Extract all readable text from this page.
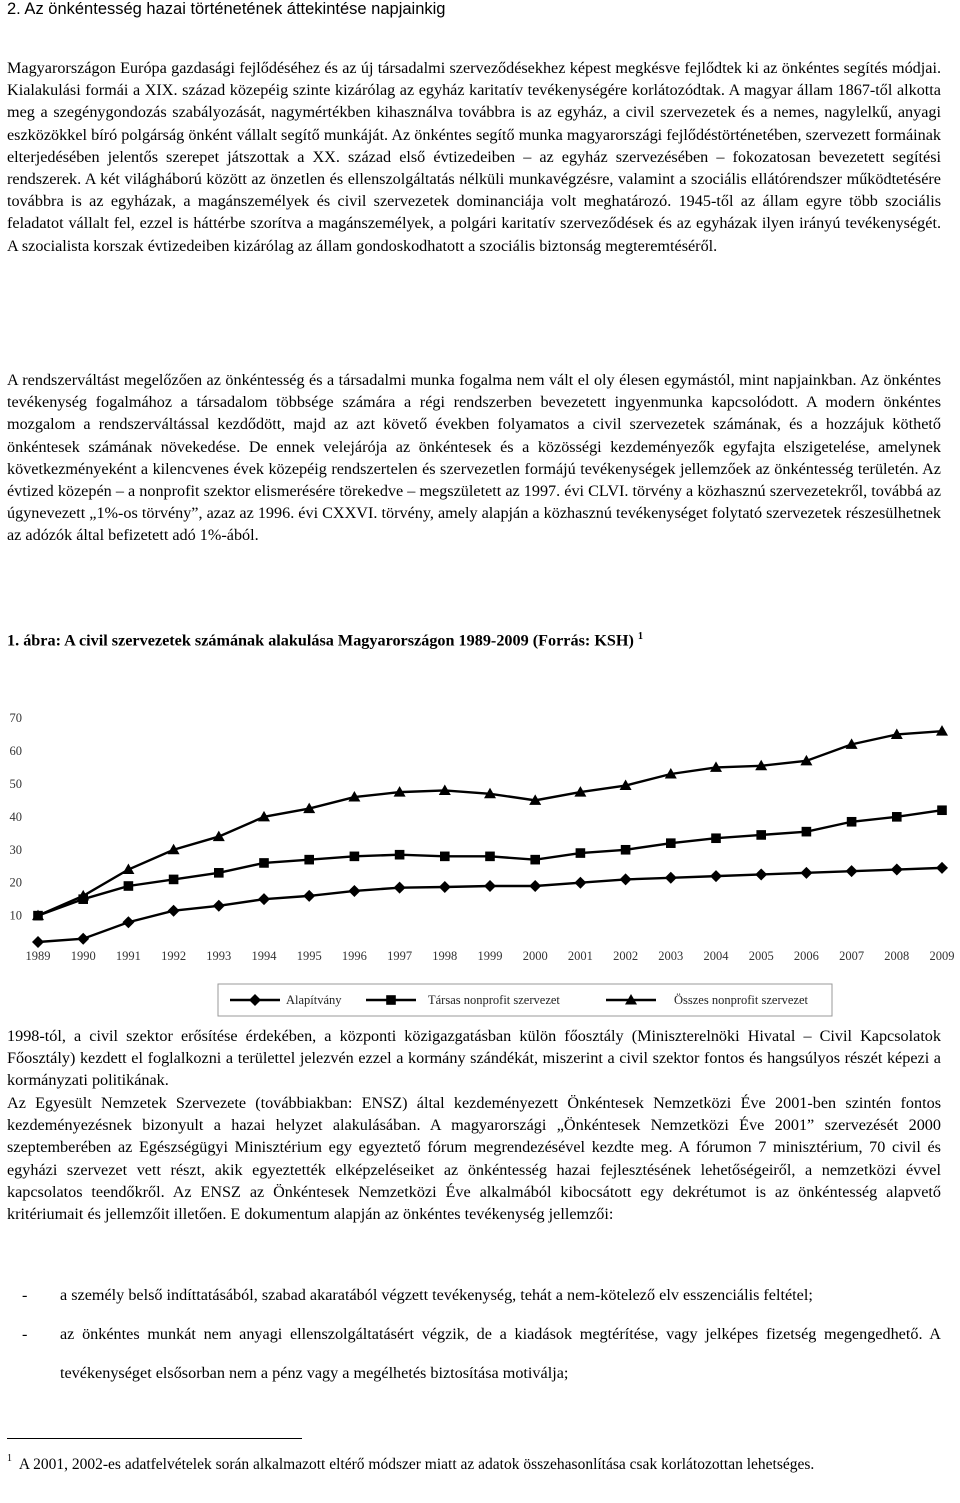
2. Az önkéntesség hazai történetének áttekintése napjainkig

Magyarországon Európa gazdasági fejlődéséhez és az új társadalmi szerveződésekhez képest megkésve fejlődtek ki az önkéntes segítés módjai. Kialakulási formái a XIX. század közepéig szinte kizárólag az egyház karitatív tevékenységére korlátozódtak. A magyar állam 1867-től alkotta meg a szegénygondozás szabályozását, nagymértékben kihasználva továbbra is az egyház, a civil szervezetek és a nemes, nagylelkű, anyagi eszközökkel bíró polgárság önként vállalt segítő munkáját. Az önkéntes segítő munka magyarországi fejlődéstörténetében, szervezett formáinak elterjedésében jelentős szerepet játszottak a XX. század első évtizedeiben – az egyház szervezésében – fokozatosan bevezetett segítési rendszerek. A két világháború között az önzetlen és ellenszolgáltatás nélküli munkavégzésre, valamint a szociális ellátórendszer működtetésére továbbra is az egyházak, a magánszemélyek és civil szervezetek dominanciája volt meghatározó. 1945-től az állam egyre több szociális feladatot vállalt fel, ezzel is háttérbe szorítva a magánszemélyek, a polgári karitatív szerveződések és az egyházak ilyen irányú tevékenységét. A szocialista korszak évtizedeiben kizárólag az állam gondoskodhatott a szociális biztonság megteremtéséről.

A rendszerváltást megelőzően az önkéntesség és a társadalmi munka fogalma nem vált el oly élesen egymástól, mint napjainkban. Az önkéntes tevékenység fogalmához a társadalom többsége számára a régi rendszerben bevezetett ingyenmunka kapcsolódott. A modern önkéntes mozgalom a rendszerváltással kezdődött, majd az azt követő években folyamatos a civil szervezetek számának, és a hozzájuk köthető önkéntesek számának növekedése. De ennek velejárója az önkéntesek és a közösségi kezdeményezők egyfajta elszigetelése, amelynek következményeként a kilencvenes évek közepéig rendszertelen és szervezetlen formájú tevékenységek jellemzőek az önkéntesség területén. Az évtized közepén – a nonprofit szektor elismerésére törekedve – megszületett az 1997. évi CLVI. törvény a közhasznú szervezetekről, továbbá az úgynevezett „1%-os törvény”, azaz az 1996. évi CXXVI. törvény, amely alapján a közhasznú tevékenységet folytató szervezetek részesülhetnek az adózók által befizetett adó 1%-ából.

1. ábra: A civil szervezetek számának alakulása Magyarországon 1989-2009 (Forrás: KSH) $^1$
10
20
30
40
50
60
70
1989 1990 1991 1992 1993 1994 1995 1996 1997 1998 1999 2000 2001 2002 2003 2004 2005 2006 2007 2008 2009
Alapítvány	Társas nonprofit szervezet	Összes nonprofit szervezet

1998-tól, a civil szektor erősítése érdekében, a központi közigazgatásban külön főosztály (Miniszterelnöki Hivatal – Civil Kapcsolatok Főosztály) kezdett el foglalkozni a területtel jelezvén ezzel a kormány szándékát, miszerint a civil szektor fontos és hangsúlyos részét képezi a kormányzati politikának.

Az Egyesült Nemzetek Szervezete (továbbiakban: ENSZ) által kezdeményezett Önkéntesek Nemzetközi Éve 2001-ben szintén fontos kezdeményezésnek bizonyult a hazai helyzet alakulásában. A magyarországi „Önkéntesek Nemzetközi Éve 2001” szervezését 2000 szeptemberében az Egészségügyi Minisztérium egy egyeztető fórum megrendezésével kezdte meg. A fórumon 7 minisztérium, 70 civil és egyházi szervezet vett részt, akik egyeztették elképzeléseiket az önkéntesség hazai fejlesztésének lehetőségeiről, a nemzetközi évvel kapcsolatos teendőkről. Az ENSZ az Önkéntesek Nemzetközi Éve alkalmából kibocsátott egy dekrétumot is az önkéntesség alapvető kritériumait és jellemzőit illetően. E dokumentum alapján az önkéntes tevékenység jellemzői:

- a személy belső indíttatásából, szabad akaratából végzett tevékenység, tehát a nem-kötelező elv esszenciális feltétel;
- az önkéntes munkát nem anyagi ellenszolgáltatásért végzik, de a kiadások megtérítése, vagy jelképes fizetség megengedhető. A tevékenységet elsősorban nem a pénz vagy a megélhetés biztosítása motiválja;
$^1$ A 2001, 2002-es adatfelvételek során alkalmazott eltérő módszer miatt az adatok összehasonlítása csak korlátozottan lehetséges.
